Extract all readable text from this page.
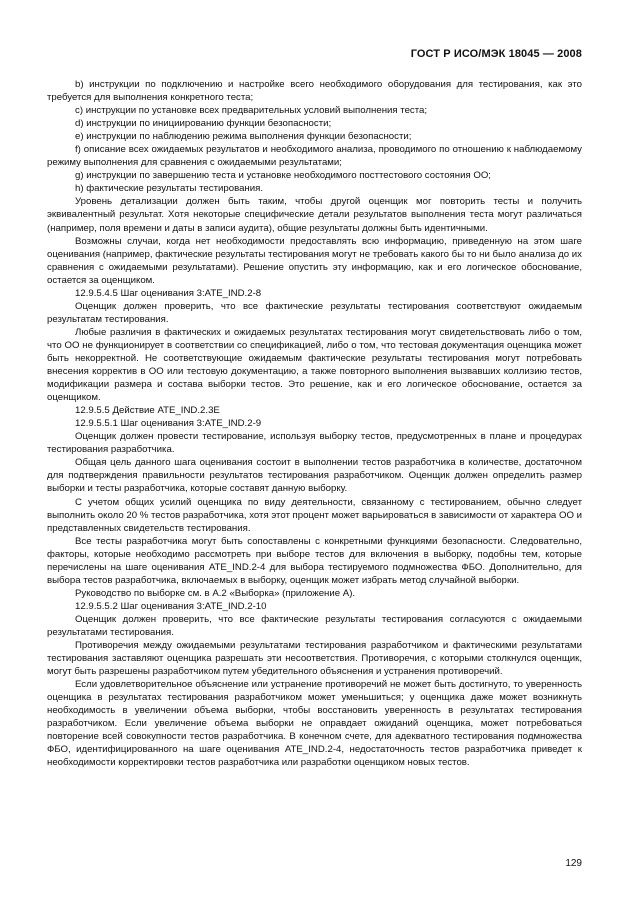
ГОСТ Р ИСО/МЭК 18045 — 2008

b) инструкции по подключению и настройке всего необходимого оборудования для тестирования, как это требуется для выполнения конкретного теста;

c) инструкции по установке всех предварительных условий выполнения теста;

d) инструкции по инициированию функции безопасности;

e) инструкции по наблюдению режима выполнения функции безопасности;

f) описание всех ожидаемых результатов и необходимого анализа, проводимого по отношению к наблюдаемому режиму выполнения для сравнения с ожидаемыми результатами;

g) инструкции по завершению теста и установке необходимого посттестового состояния ОО;

h) фактические результаты тестирования.

Уровень детализации должен быть таким, чтобы другой оценщик мог повторить тесты и получить эквивалентный результат. Хотя некоторые специфические детали результатов выполнения теста могут различаться (например, поля времени и даты в записи аудита), общие результаты должны быть идентичными.

Возможны случаи, когда нет необходимости предоставлять всю информацию, приведенную на этом шаге оценивания (например, фактические результаты тестирования могут не требовать какого бы то ни было анализа до их сравнения с ожидаемыми результатами). Решение опустить эту информацию, как и его логическое обоснование, остается за оценщиком.

12.9.5.4.5 Шаг оценивания 3:ATE_IND.2-8

Оценщик должен проверить, что все фактические результаты тестирования соответствуют ожидаемым результатам тестирования.

Любые различия в фактических и ожидаемых результатах тестирования могут свидетельствовать либо о том, что ОО не функционирует в соответствии со спецификацией, либо о том, что тестовая документация оценщика может быть некорректной. Не соответствующие ожидаемым фактические результаты тестирования могут потребовать внесения корректив в ОО или тестовую документацию, а также повторного выполнения вызвавших коллизию тестов, модификации размера и состава выборки тестов. Это решение, как и его логическое обоснование, остается за оценщиком.

12.9.5.5 Действие ATE_IND.2.3E

12.9.5.5.1 Шаг оценивания 3:ATE_IND.2-9

Оценщик должен провести тестирование, используя выборку тестов, предусмотренных в плане и процедурах тестирования разработчика.

Общая цель данного шага оценивания состоит в выполнении тестов разработчика в количестве, достаточном для подтверждения правильности результатов тестирования разработчиком. Оценщик должен определить размер выборки и тесты разработчика, которые составят данную выборку.

С учетом общих усилий оценщика по виду деятельности, связанному с тестированием, обычно следует выполнить около 20 % тестов разработчика, хотя этот процент может варьироваться в зависимости от характера ОО и представленных свидетельств тестирования.

Все тесты разработчика могут быть сопоставлены с конкретными функциями безопасности. Следовательно, факторы, которые необходимо рассмотреть при выборе тестов для включения в выборку, подобны тем, которые перечислены на шаге оценивания ATE_IND.2-4 для выбора тестируемого подмножества ФБО. Дополнительно, для выбора тестов разработчика, включаемых в выборку, оценщик может избрать метод случайной выборки.

Руководство по выборке см. в А.2 «Выборка» (приложение А).

12.9.5.5.2 Шаг оценивания 3:ATE_IND.2-10

Оценщик должен проверить, что все фактические результаты тестирования согласуются с ожидаемыми результатами тестирования.

Противоречия между ожидаемыми результатами тестирования разработчиком и фактическими результатами тестирования заставляют оценщика разрешать эти несоответствия. Противоречия, с которыми столкнулся оценщик, могут быть разрешены разработчиком путем убедительного объяснения и устранения противоречий.

Если удовлетворительное объяснение или устранение противоречий не может быть достигнуто, то уверенность оценщика в результатах тестирования разработчиком может уменьшиться; у оценщика даже может возникнуть необходимость в увеличении объема выборки, чтобы восстановить уверенность в результатах тестирования разработчиком. Если увеличение объема выборки не оправдает ожиданий оценщика, может потребоваться повторение всей совокупности тестов разработчика. В конечном счете, для адекватного тестирования подмножества ФБО, идентифицированного на шаге оценивания ATE_IND.2-4, недостаточность тестов разработчика приведет к необходимости корректировки тестов разработчика или разработки оценщиком новых тестов.

129
